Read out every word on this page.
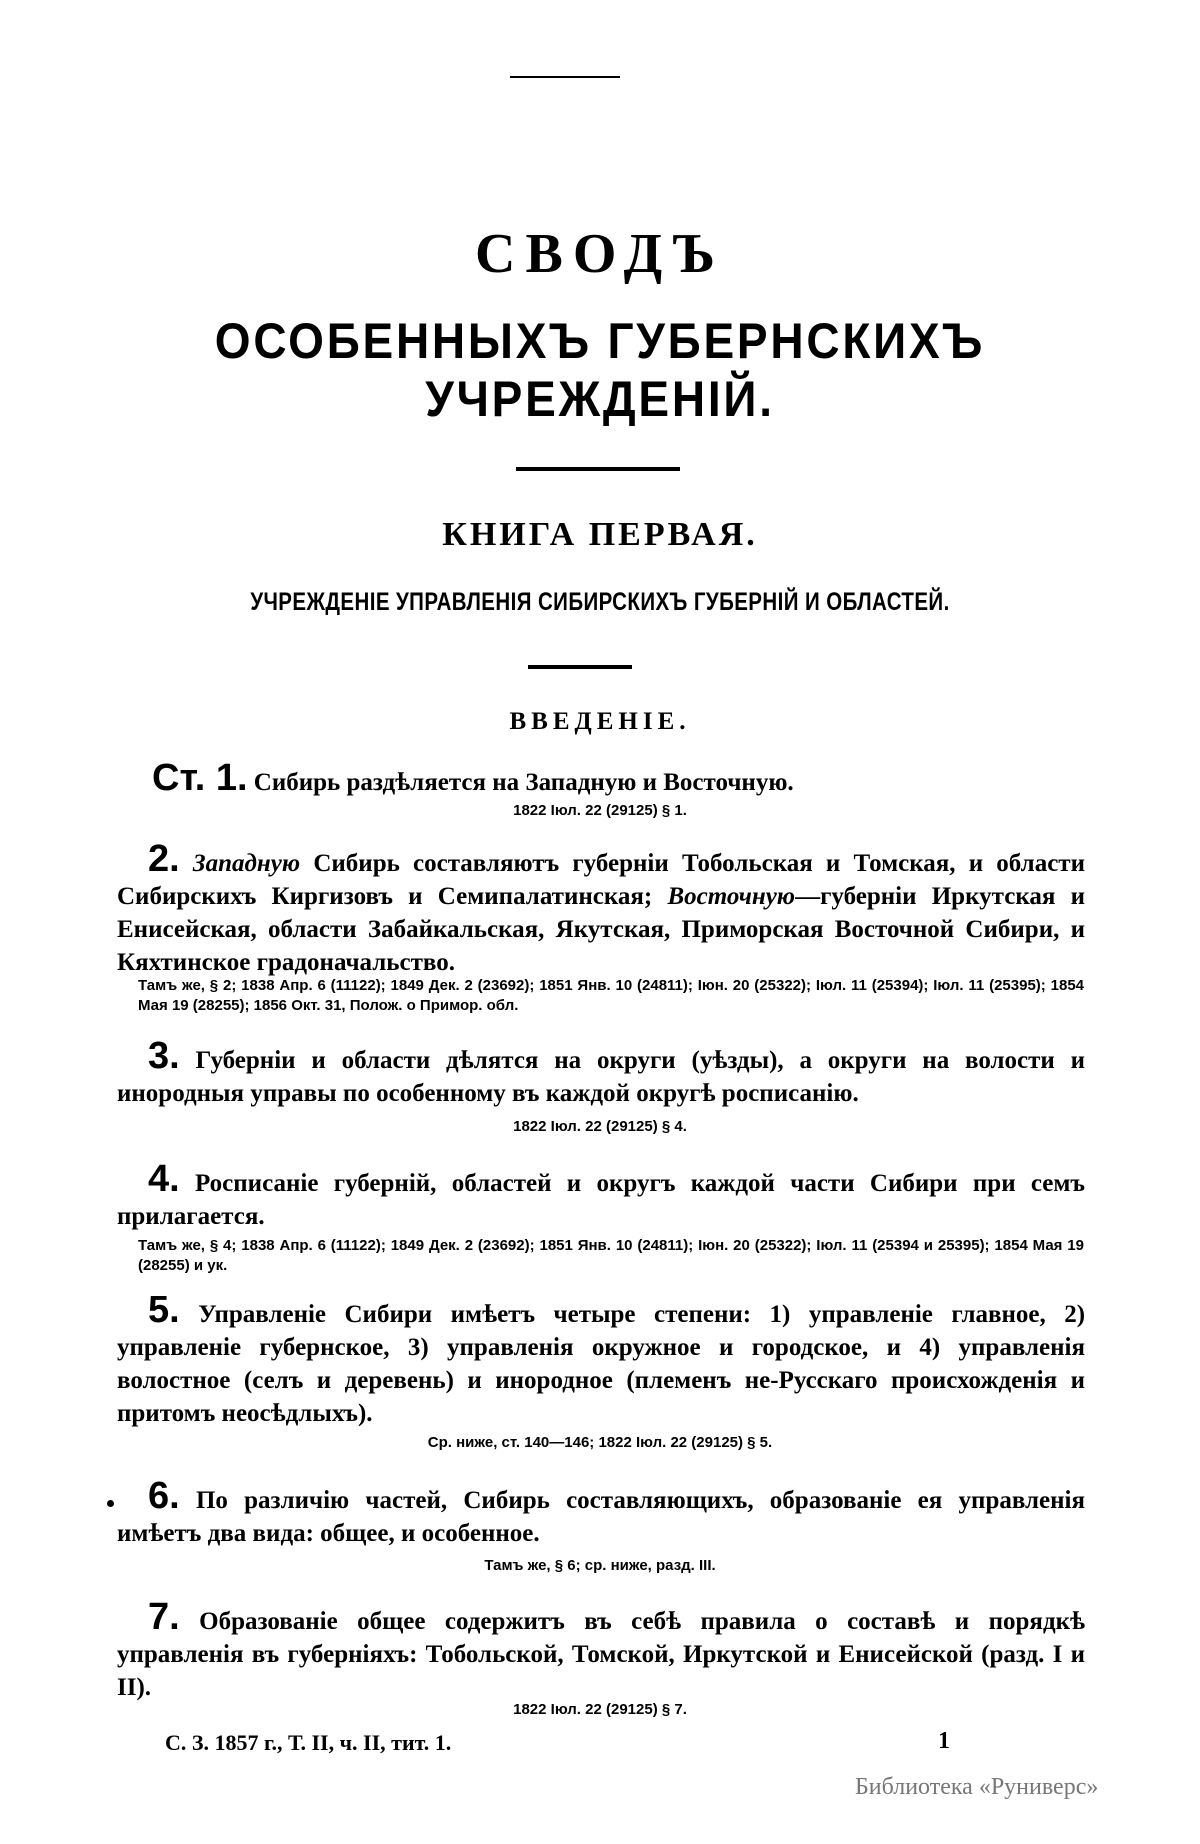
СВОДЪ
ОСОБЕННЫХЪ ГУБЕРНСКИХЪ
УЧРЕЖДЕНІЙ.
КНИГА ПЕРВАЯ.
УЧРЕЖДЕНІЕ УПРАВЛЕНІЯ СИБИРСКИХЪ ГУБЕРНІЙ И ОБЛАСТЕЙ.
ВВЕДЕНІЕ.
Ст. 1. Сибирь раздѣляется на Западную и Восточную.
1822 Іюл. 22 (29125) § 1.
2. Западную Сибирь составляютъ губерніи Тобольская и Томская, и области Сибирскихъ Киргизовъ и Семипалатинская; Восточную—губерніи Иркутская и Енисейская, области Забайкальская, Якутская, Приморская Восточной Сибири, и Кяхтинское градоначальство.
Тамъ же, § 2; 1838 Апр. 6 (11122); 1849 Дек. 2 (23692); 1851 Янв. 10 (24811); Іюн. 20 (25322); Іюл. 11 (25394); Іюл. 11 (25395); 1854 Мая 19 (28255); 1856 Окт. 31, Полож. о Примор. обл.
3. Губерніи и области дѣлятся на округи (уѣзды), а округи на волости и инородныя управы по особенному въ каждой округѣ росписанію.
1822 Іюл. 22 (29125) § 4.
4. Росписаніе губерній, областей и округъ каждой части Сибири при семъ прилагается.
Тамъ же, § 4; 1838 Апр. 6 (11122); 1849 Дек. 2 (23692); 1851 Янв. 10 (24811); Іюн. 20 (25322); Іюл. 11 (25394 и 25395); 1854 Мая 19 (28255) и ук.
5. Управленіе Сибири имѣетъ четыре степени: 1) управленіе главное, 2) управленіе губернское, 3) управленія окружное и городское, и 4) управленія волостное (селъ и деревень) и инородное (племенъ не-Русскаго происхожденія и притомъ неосѣдлыхъ).
Ср. ниже, ст. 140—146; 1822 Іюл. 22 (29125) § 5.
6. По различію частей, Сибирь составляющихъ, образованіе ея управленія имѣетъ два вида: общее, и особенное.
Тамъ же, § 6; ср. ниже, разд. III.
7. Образованіе общее содержитъ въ себѣ правила о составѣ и порядкѣ управленія въ губерніяхъ: Тобольской, Томской, Иркутской и Енисейской (разд. I и II).
1822 Іюл. 22 (29125) § 7.
С. З. 1857 г., Т. II, ч. II, тит. 1.	1
Библиотека «Руниверс»
